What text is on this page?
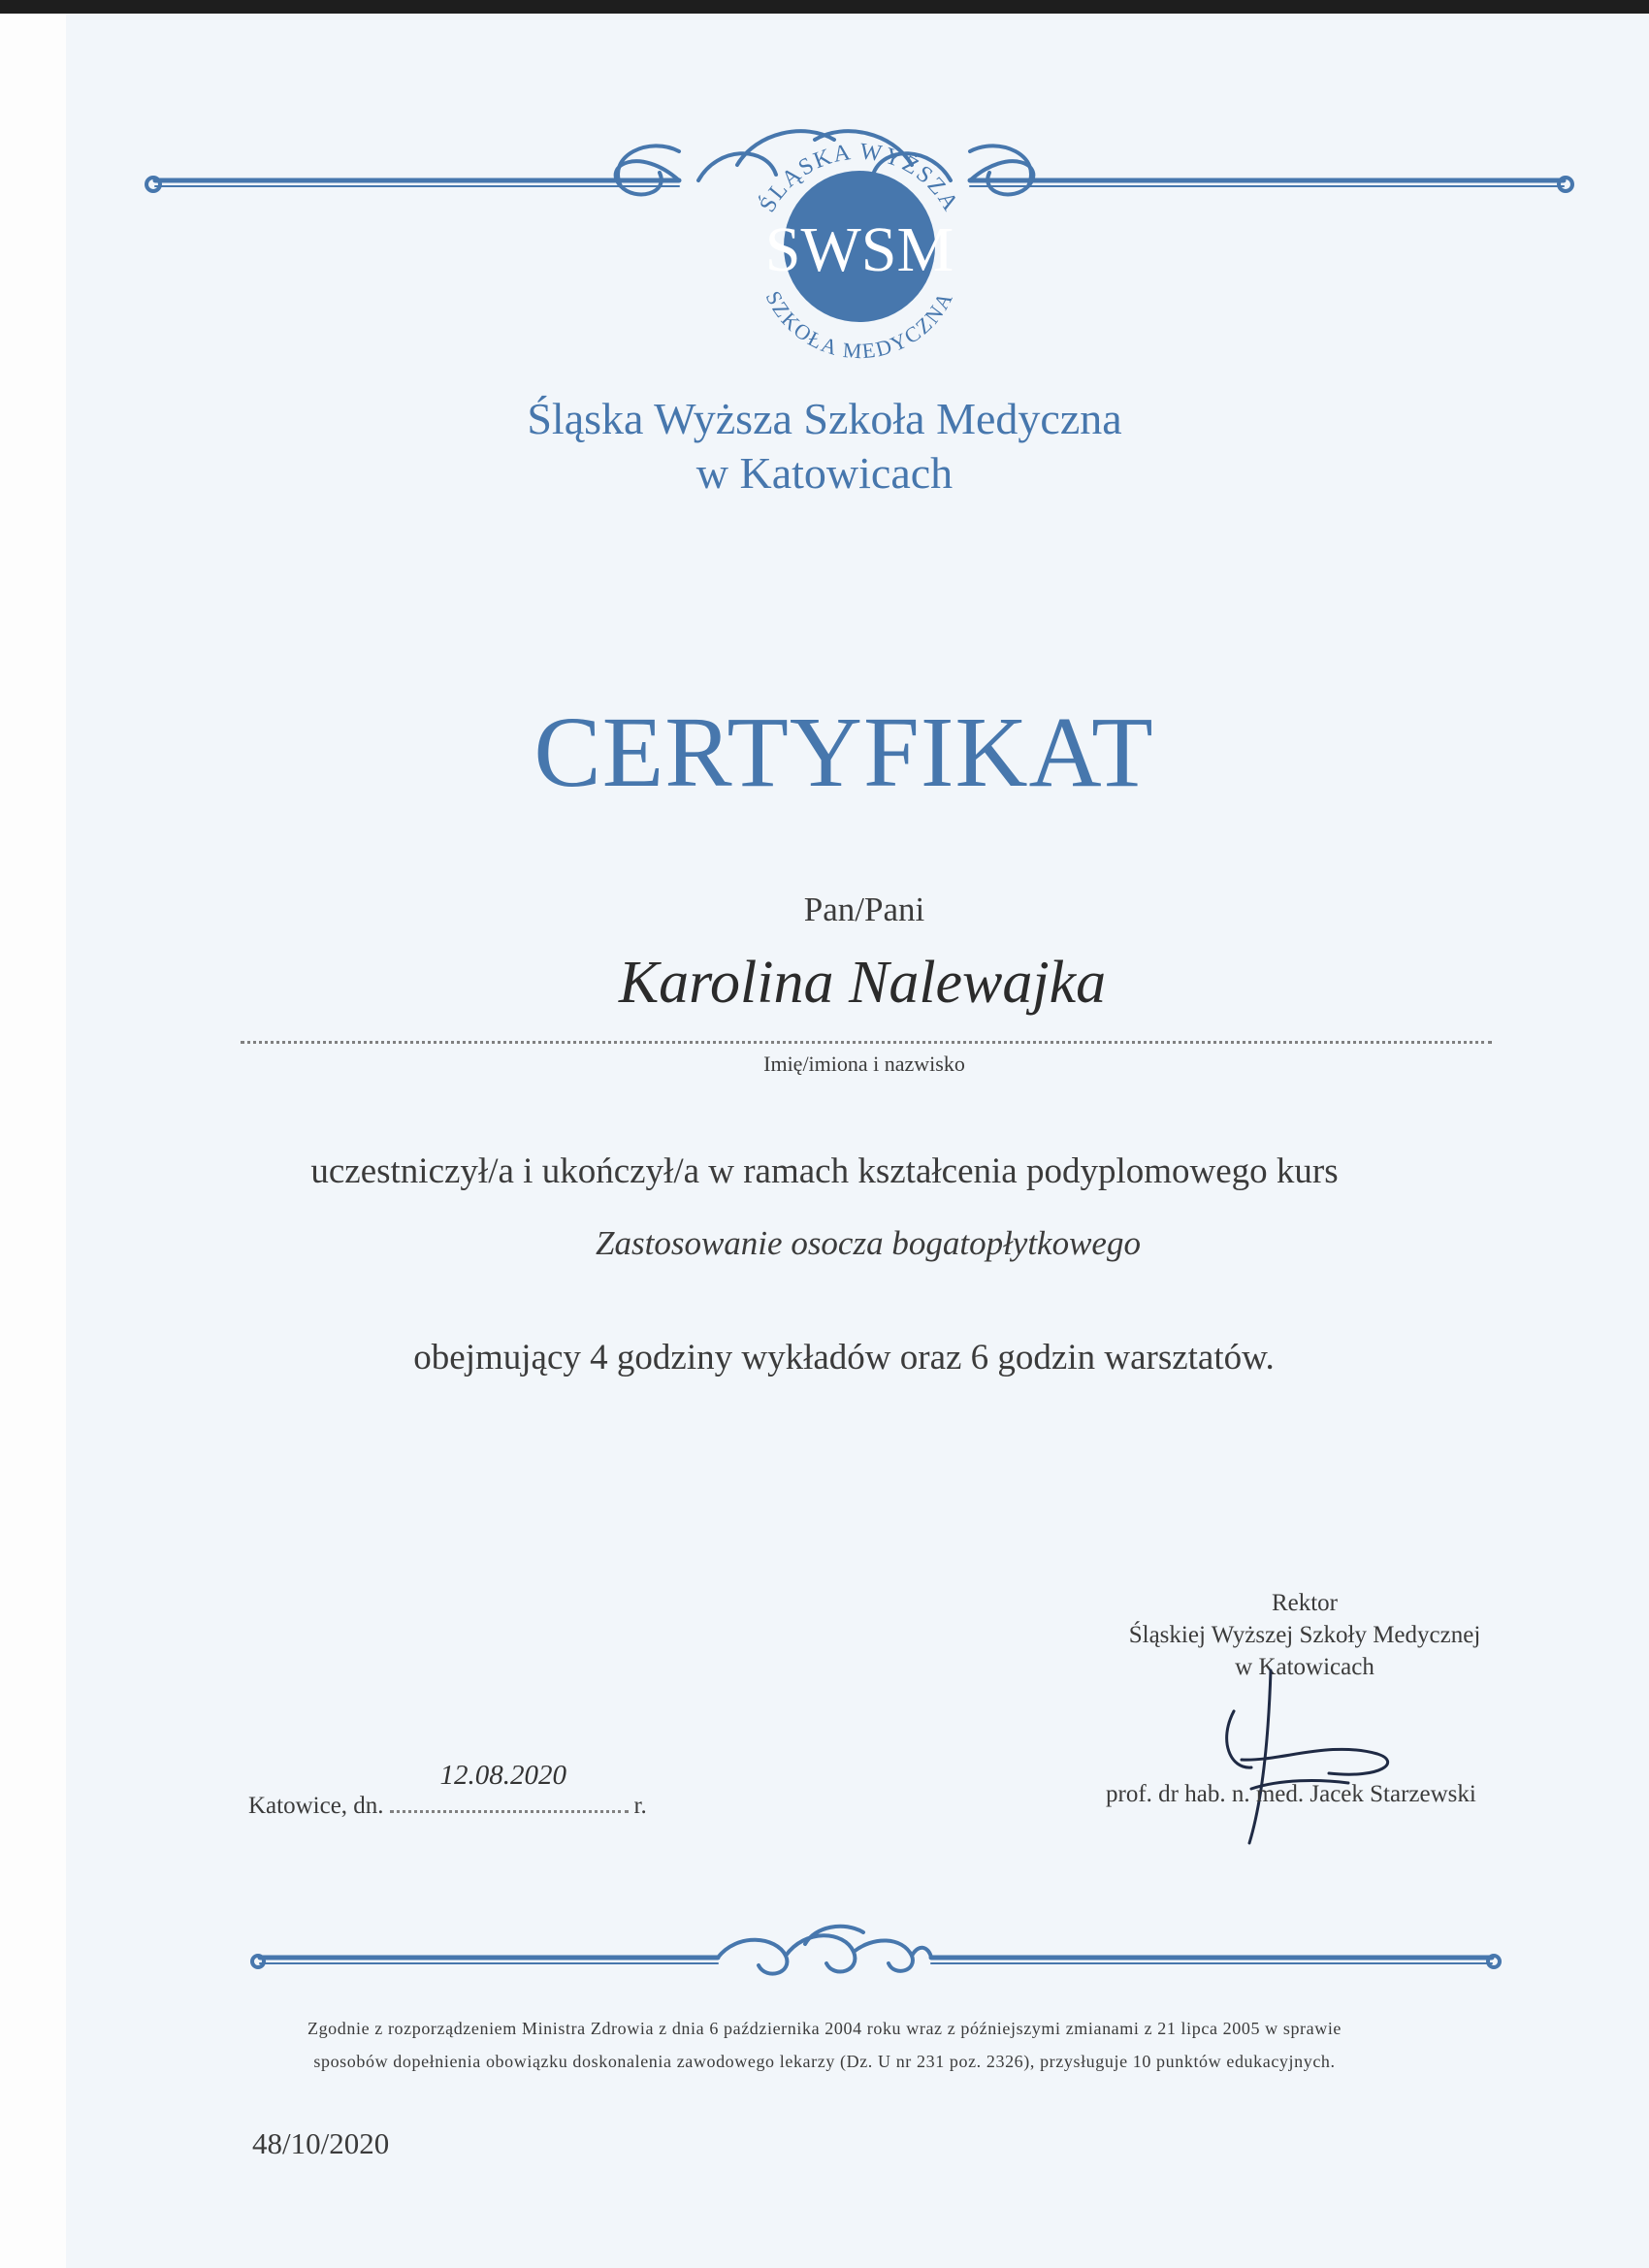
SWSM
ŚLĄSKA WYŻSZA
SZKOŁA MEDYCZNA
Śląska Wyższa Szkoła Medyczna
w Katowicach
CERTYFIKAT
Pan/Pani
Karolina Nalewajka
Imię/imiona i nazwisko
uczestniczył/a i ukończył/a w ramach kształcenia podyplomowego kurs
Zastosowanie osocza bogatopłytkowego
obejmujący 4 godziny wykładów oraz 6 godzin warsztatów.
Rektor
Śląskiej Wyższej Szkoły Medycznej
w Katowicach
prof. dr hab. n. med. Jacek Starzewski
Katowice, dn.
12.08.2020
r.
Zgodnie z rozporządzeniem Ministra Zdrowia z dnia 6 października 2004 roku wraz z późniejszymi zmianami z 21 lipca 2005 w sprawie
sposobów dopełnienia obowiązku doskonalenia zawodowego lekarzy (Dz. U nr 231 poz. 2326), przysługuje 10 punktów edukacyjnych.
48/10/2020
